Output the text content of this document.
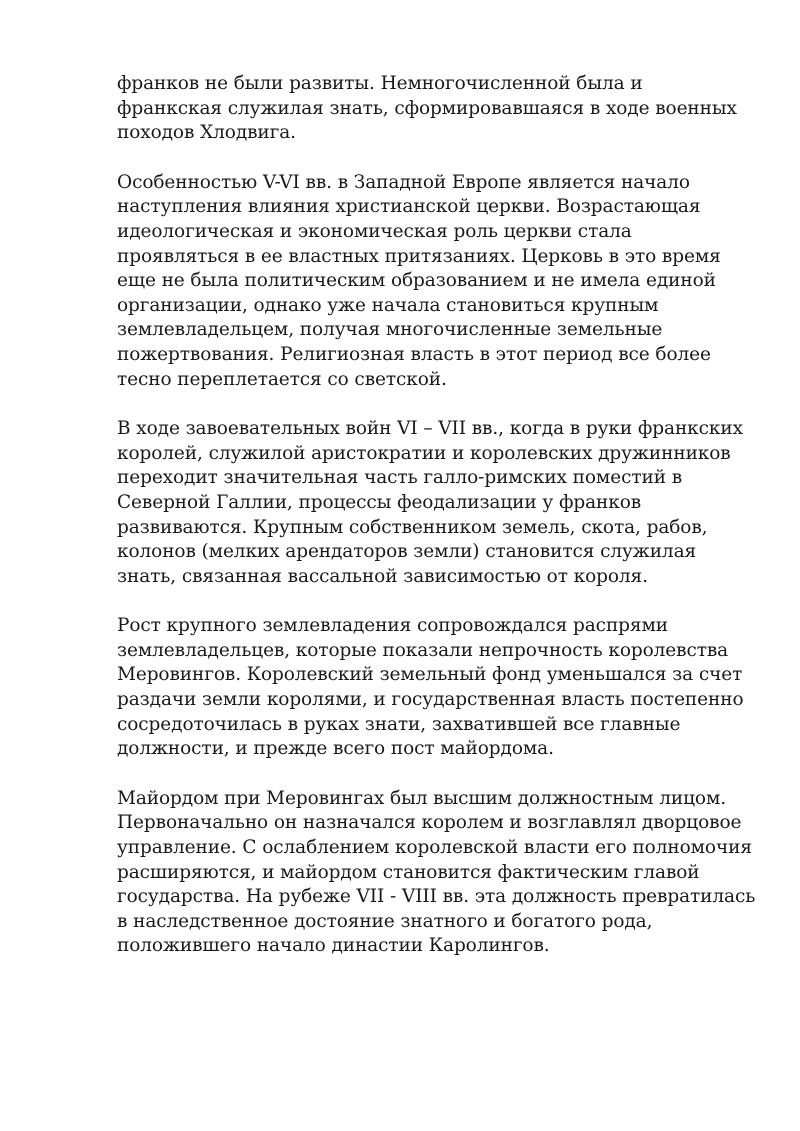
франков не были развиты. Немногочисленной была и
франкская служилая знать, сформировавшаяся в ходе военных
походов Хлодвига.

Особенностью V-VI вв. в Западной Европе является начало
наступления влияния христианской церкви. Возрастающая
идеологическая и экономическая роль церкви стала
проявляться в ее властных притязаниях. Церковь в это время
еще не была политическим образованием и не имела единой
организации, однако уже начала становиться крупным
землевладельцем, получая многочисленные земельные
пожертвования. Религиозная власть в этот период все более
тесно переплетается со светской.

В ходе завоевательных войн VI – VII вв., когда в руки франкских
королей, служилой аристократии и королевских дружинников
переходит значительная часть галло-римских поместий в
Северной Галлии, процессы феодализации у франков
развиваются. Крупным собственником земель, скота, рабов,
колонов (мелких арендаторов земли) становится служилая
знать, связанная вассальной зависимостью от короля.

Рост крупного землевладения сопровождался распрями
землевладельцев, которые показали непрочность королевства
Меровингов. Королевский земельный фонд уменьшался за счет
раздачи земли королями, и государственная власть постепенно
сосредоточилась в руках знати, захватившей все главные
должности, и прежде всего пост майордома.

Майордом при Меровингах был высшим должностным лицом.
Первоначально он назначался королем и возглавлял дворцовое
управление. С ослаблением королевской власти его полномочия
расширяются, и майордом становится фактическим главой
государства. На рубеже VII - VIII вв. эта должность превратилась
в наследственное достояние знатного и богатого рода,
положившего начало династии Каролингов.
